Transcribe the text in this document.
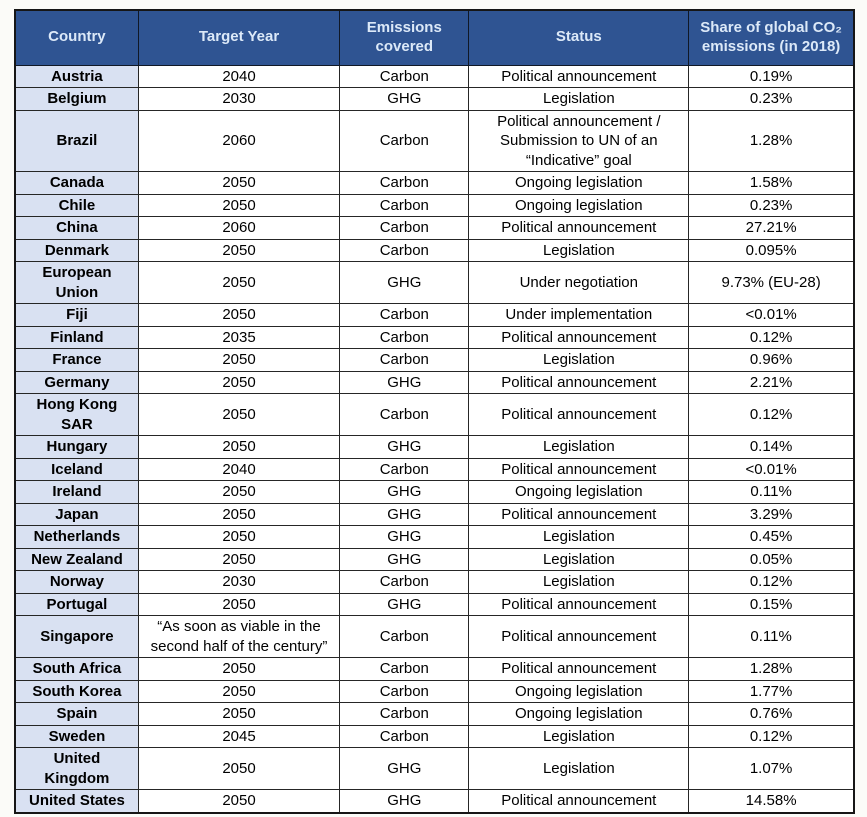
Country	Target Year	Emissions covered	Status	Share of global CO₂ emissions (in 2018)
Austria	2040	Carbon	Political announcement	0.19%
Belgium	2030	GHG	Legislation	0.23%
Brazil	2060	Carbon	Political announcement / Submission to UN of an “Indicative” goal	1.28%
Canada	2050	Carbon	Ongoing legislation	1.58%
Chile	2050	Carbon	Ongoing legislation	0.23%
China	2060	Carbon	Political announcement	27.21%
Denmark	2050	Carbon	Legislation	0.095%
European Union	2050	GHG	Under negotiation	9.73% (EU-28)
Fiji	2050	Carbon	Under implementation	<0.01%
Finland	2035	Carbon	Political announcement	0.12%
France	2050	Carbon	Legislation	0.96%
Germany	2050	GHG	Political announcement	2.21%
Hong Kong SAR	2050	Carbon	Political announcement	0.12%
Hungary	2050	GHG	Legislation	0.14%
Iceland	2040	Carbon	Political announcement	<0.01%
Ireland	2050	GHG	Ongoing legislation	0.11%
Japan	2050	GHG	Political announcement	3.29%
Netherlands	2050	GHG	Legislation	0.45%
New Zealand	2050	GHG	Legislation	0.05%
Norway	2030	Carbon	Legislation	0.12%
Portugal	2050	GHG	Political announcement	0.15%
Singapore	“As soon as viable in the second half of the century”	Carbon	Political announcement	0.11%
South Africa	2050	Carbon	Political announcement	1.28%
South Korea	2050	Carbon	Ongoing legislation	1.77%
Spain	2050	Carbon	Ongoing legislation	0.76%
Sweden	2045	Carbon	Legislation	0.12%
United Kingdom	2050	GHG	Legislation	1.07%
United States	2050	GHG	Political announcement	14.58%
